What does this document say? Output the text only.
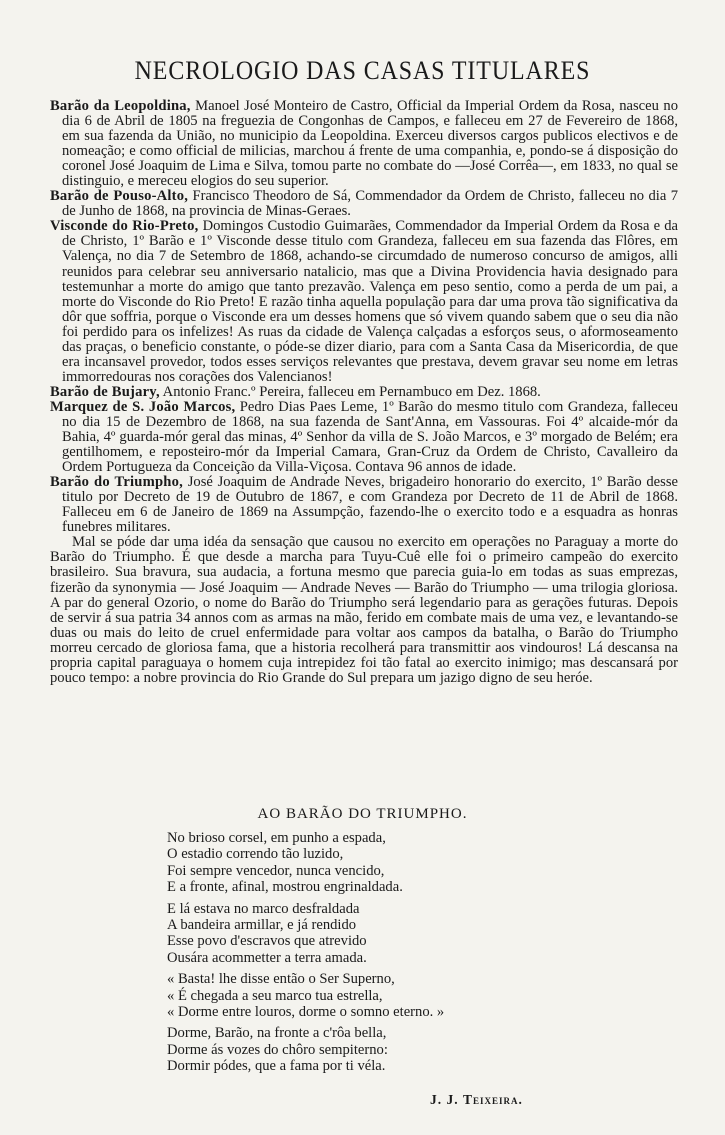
NECROLOGIO DAS CASAS TITULARES

Barão da Leopoldina, Manoel José Monteiro de Castro, Official da Imperial Ordem da Rosa, nasceu no dia 6 de Abril de 1805 na freguezia de Congonhas de Campos, e falleceu em 27 de Fevereiro de 1868, em sua fazenda da União, no municipio da Leopoldina. Exerceu diversos cargos publicos electivos e de nomeação; e como official de milicias, marchou á frente de uma companhia, e, pondo-se á disposição do coronel José Joaquim de Lima e Silva, tomou parte no combate do —José Corrêa—, em 1833, no qual se distinguio, e mereceu elogios do seu superior.

Barão de Pouso-Alto, Francisco Theodoro de Sá, Commendador da Ordem de Christo, falleceu no dia 7 de Junho de 1868, na provincia de Minas-Geraes.

Visconde do Rio-Preto, Domingos Custodio Guimarães, Commendador da Imperial Ordem da Rosa e da de Christo, 1º Barão e 1º Visconde desse titulo com Grandeza, falleceu em sua fazenda das Flôres, em Valença, no dia 7 de Setembro de 1868, achando-se circumdado de numeroso concurso de amigos, alli reunidos para celebrar seu anniversario natalicio, mas que a Divina Providencia havia designado para testemunhar a morte do amigo que tanto prezavão. Valença em peso sentio, como a perda de um pai, a morte do Visconde do Rio Preto! E razão tinha aquella população para dar uma prova tão significativa da dôr que soffria, porque o Visconde era um desses homens que só vivem quando sabem que o seu dia não foi perdido para os infelizes! As ruas da cidade de Valença calçadas a esforços seus, o aformoseamento das praças, o beneficio constante, o póde-se dizer diario, para com a Santa Casa da Misericordia, de que era incansavel provedor, todos esses serviços relevantes que prestava, devem gravar seu nome em letras immorredouras nos corações dos Valencianos!

Barão de Bujary, Antonio Franc.º Pereira, falleceu em Pernambuco em Dez. 1868.

Marquez de S. João Marcos, Pedro Dias Paes Leme, 1º Barão do mesmo titulo com Grandeza, falleceu no dia 15 de Dezembro de 1868, na sua fazenda de Sant'Anna, em Vassouras. Foi 4º alcaide-mór da Bahia, 4º guarda-mór geral das minas, 4º Senhor da villa de S. João Marcos, e 3º morgado de Belém; era gentilhomem, e reposteiro-mór da Imperial Camara, Gran-Cruz da Ordem de Christo, Cavalleiro da Ordem Portugueza da Conceição da Villa-Viçosa. Contava 96 annos de idade.

Barão do Triumpho, José Joaquim de Andrade Neves, brigadeiro honorario do exercito, 1º Barão desse titulo por Decreto de 19 de Outubro de 1867, e com Grandeza por Decreto de 11 de Abril de 1868. Falleceu em 6 de Janeiro de 1869 na Assumpção, fazendo-lhe o exercito todo e a esquadra as honras funebres militares.

Mal se póde dar uma idéa da sensação que causou no exercito em operações no Paraguay a morte do Barão do Triumpho. É que desde a marcha para Tuyu-Cuê elle foi o primeiro campeão do exercito brasileiro. Sua bravura, sua audacia, a fortuna mesmo que parecia guia-lo em todas as suas emprezas, fizerão da synonymia — José Joaquim — Andrade Neves — Barão do Triumpho — uma trilogia gloriosa. A par do general Ozorio, o nome do Barão do Triumpho será legendario para as gerações futuras. Depois de servir á sua patria 34 annos com as armas na mão, ferido em combate mais de uma vez, e levantando-se duas ou mais do leito de cruel enfermidade para voltar aos campos da batalha, o Barão do Triumpho morreu cercado de gloriosa fama, que a historia recolherá para transmittir aos vindouros! Lá descansa na propria capital paraguaya o homem cuja intrepidez foi tão fatal ao exercito inimigo; mas descansará por pouco tempo: a nobre provincia do Rio Grande do Sul prepara um jazigo digno de seu heróe.

AO BARÃO DO TRIUMPHO.
No brioso corsel, em punho a espada,
O estadio correndo tão luzido,
Foi sempre vencedor, nunca vencido,
E a fronte, afinal, mostrou engrinaldada.
E lá estava no marco desfraldada
A bandeira armillar, e já rendido
Esse povo d'escravos que atrevido
Ousára acommetter a terra amada.
« Basta! lhe disse então o Ser Superno,
« É chegada a seu marco tua estrella,
« Dorme entre louros, dorme o somno eterno. »
Dorme, Barão, na fronte a c'rôa bella,
Dorme ás vozes do chôro sempiterno:
Dormir pódes, que a fama por ti véla.
J. J. Teixeira.
